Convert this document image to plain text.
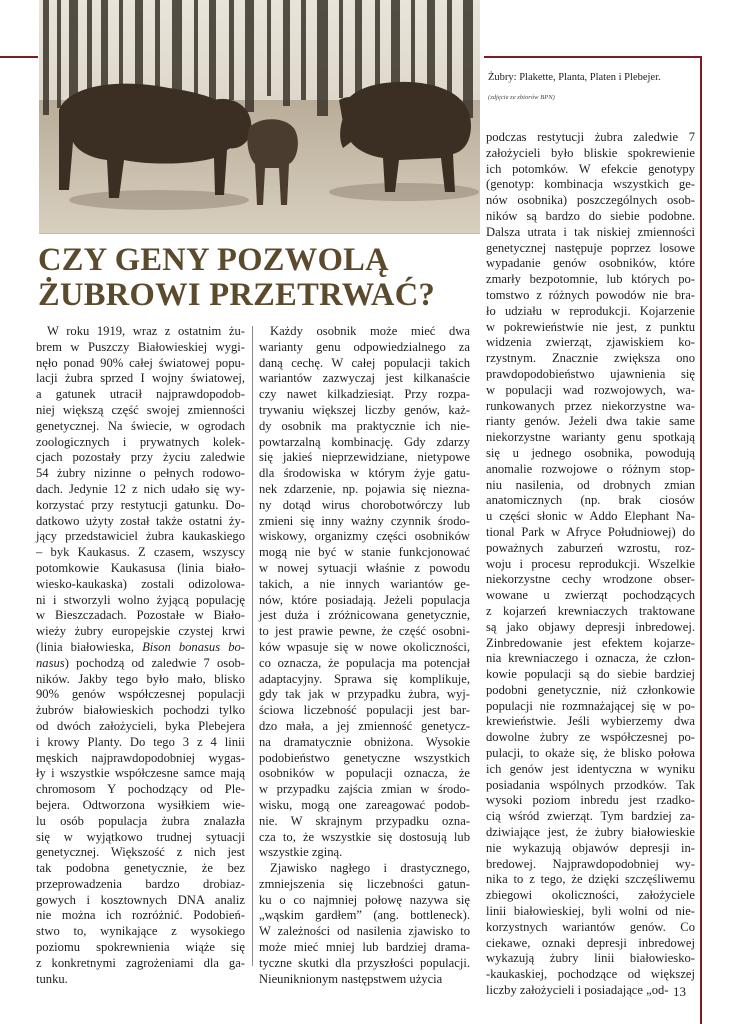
Żubry: Plakette, Planta, Platen i Plebejer.
(zdjęcie ze zbiorów BPN)
CZY GENY POZWOLĄ
ŻUBROWI PRZETRWAĆ?
W roku 1919, wraz z ostatnim żu-
brem w Puszczy Białowieskiej wygi-
nęło ponad 90% całej światowej popu-
lacji żubra sprzed I wojny światowej,
a gatunek utracił najprawdopodob-
niej większą część swojej zmienności
genetycznej. Na świecie, w ogrodach
zoologicznych i prywatnych kolek-
cjach pozostały przy życiu zaledwie
54 żubry nizinne o pełnych rodowo-
dach. Jedynie 12 z nich udało się wy-
korzystać przy restytucji gatunku. Do-
datkowo użyty został także ostatni ży-
jący przedstawiciel żubra kaukaskiego
– byk Kaukasus. Z czasem, wszyscy
potomkowie Kaukasusa (linia biało-
wiesko-kaukaska) zostali odizolowa-
ni i stworzyli wolno żyjącą populację
w Bieszczadach. Pozostałe w Biało-
wieży żubry europejskie czystej krwi
(linia białowieska, Bison bonasus bo-
nasus) pochodzą od zaledwie 7 osob-
ników. Jakby tego było mało, blisko
90% genów współczesnej populacji
żubrów białowieskich pochodzi tylko
od dwóch założycieli, byka Plebejera
i krowy Planty. Do tego 3 z 4 linii
męskich najprawdopodobniej wygas-
ły i wszystkie współczesne samce mają
chromosom Y pochodzący od Ple-
bejera. Odtworzona wysiłkiem wie-
lu osób populacja żubra znalazła
się w wyjątkowo trudnej sytuacji
genetycznej. Większość z nich jest
tak podobna genetycznie, że bez
przeprowadzenia bardzo drobiaz-
gowych i kosztownych DNA analiz
nie można ich rozróżnić. Podobień-
stwo to, wynikające z wysokiego
poziomu spokrewnienia wiąże się
z konkretnymi zagrożeniami dla ga-
tunku.
Każdy osobnik może mieć dwa
warianty genu odpowiedzialnego za
daną cechę. W całej populacji takich
wariantów zazwyczaj jest kilkanaście
czy nawet kilkadziesiąt. Przy rozpa-
trywaniu większej liczby genów, każ-
dy osobnik ma praktycznie ich nie-
powtarzalną kombinację. Gdy zdarzy
się jakieś nieprzewidziane, nietypowe
dla środowiska w którym żyje gatu-
nek zdarzenie, np. pojawia się niezna-
ny dotąd wirus chorobotwórczy lub
zmieni się inny ważny czynnik środo-
wiskowy, organizmy części osobników
mogą nie być w stanie funkcjonować
w nowej sytuacji właśnie z powodu
takich, a nie innych wariantów ge-
nów, które posiadają. Jeżeli populacja
jest duża i zróżnicowana genetycznie,
to jest prawie pewne, że część osobni-
ków wpasuje się w nowe okoliczności,
co oznacza, że populacja ma potencjał
adaptacyjny. Sprawa się komplikuje,
gdy tak jak w przypadku żubra, wyj-
ściowa liczebność populacji jest bar-
dzo mała, a jej zmienność genetycz-
na dramatycznie obniżona. Wysokie
podobieństwo genetyczne wszystkich
osobników w populacji oznacza, że
w przypadku zajścia zmian w środo-
wisku, mogą one zareagować podob-
nie. W skrajnym przypadku ozna-
cza to, że wszystkie się dostosują lub
wszystkie zginą.
Zjawisko nagłego i drastycznego,
zmniejszenia się liczebności gatun-
ku o co najmniej połowę nazywa się
„wąskim gardłem” (ang. bottleneck).
W zależności od nasilenia zjawisko to
może mieć mniej lub bardziej drama-
tyczne skutki dla przyszłości populacji.
Nieuniknionym następstwem użycia
podczas restytucji żubra zaledwie 7
założycieli było bliskie spokrewienie
ich potomków. W efekcie genotypy
(genotyp: kombinacja wszystkich ge-
nów osobnika) poszczególnych osob-
ników są bardzo do siebie podobne.
Dalsza utrata i tak niskiej zmienności
genetycznej następuje poprzez losowe
wypadanie genów osobników, które
zmarły bezpotomnie, lub których po-
tomstwo z różnych powodów nie bra-
ło udziału w reprodukcji. Kojarzenie
w pokrewieństwie nie jest, z punktu
widzenia zwierząt, zjawiskiem ko-
rzystnym. Znacznie zwiększa ono
prawdopodobieństwo ujawnienia się
w populacji wad rozwojowych, wa-
runkowanych przez niekorzystne wa-
rianty genów. Jeżeli dwa takie same
niekorzystne warianty genu spotkają
się u jednego osobnika, powodują
anomalie rozwojowe o różnym stop-
niu nasilenia, od drobnych zmian
anatomicznych (np. brak ciosów
u części słonic w Addo Elephant Na-
tional Park w Afryce Południowej) do
poważnych zaburzeń wzrostu, roz-
woju i procesu reprodukcji. Wszelkie
niekorzystne cechy wrodzone obser-
wowane u zwierząt pochodzących
z kojarzeń krewniaczych traktowane
są jako objawy depresji inbredowej.
Zinbredowanie jest efektem kojarze-
nia krewniaczego i oznacza, że człon-
kowie populacji są do siebie bardziej
podobni genetycznie, niż członkowie
populacji nie rozmnażającej się w po-
krewieństwie. Jeśli wybierzemy dwa
dowolne żubry ze współczesnej po-
pulacji, to okaże się, że blisko połowa
ich genów jest identyczna w wyniku
posiadania wspólnych przodków. Tak
wysoki poziom inbredu jest rzadko-
cią wśród zwierząt. Tym bardziej za-
dziwiające jest, że żubry białowieskie
nie wykazują objawów depresji in-
bredowej. Najprawdopodobniej wy-
nika to z tego, że dzięki szczęśliwemu
zbiegowi okoliczności, założyciele
linii białowieskiej, byli wolni od nie-
korzystnych wariantów genów. Co
ciekawe, oznaki depresji inbredowej
wykazują żubry linii białowiesko-
-kaukaskiej, pochodzące od większej
liczby założycieli i posiadające „od- 13
